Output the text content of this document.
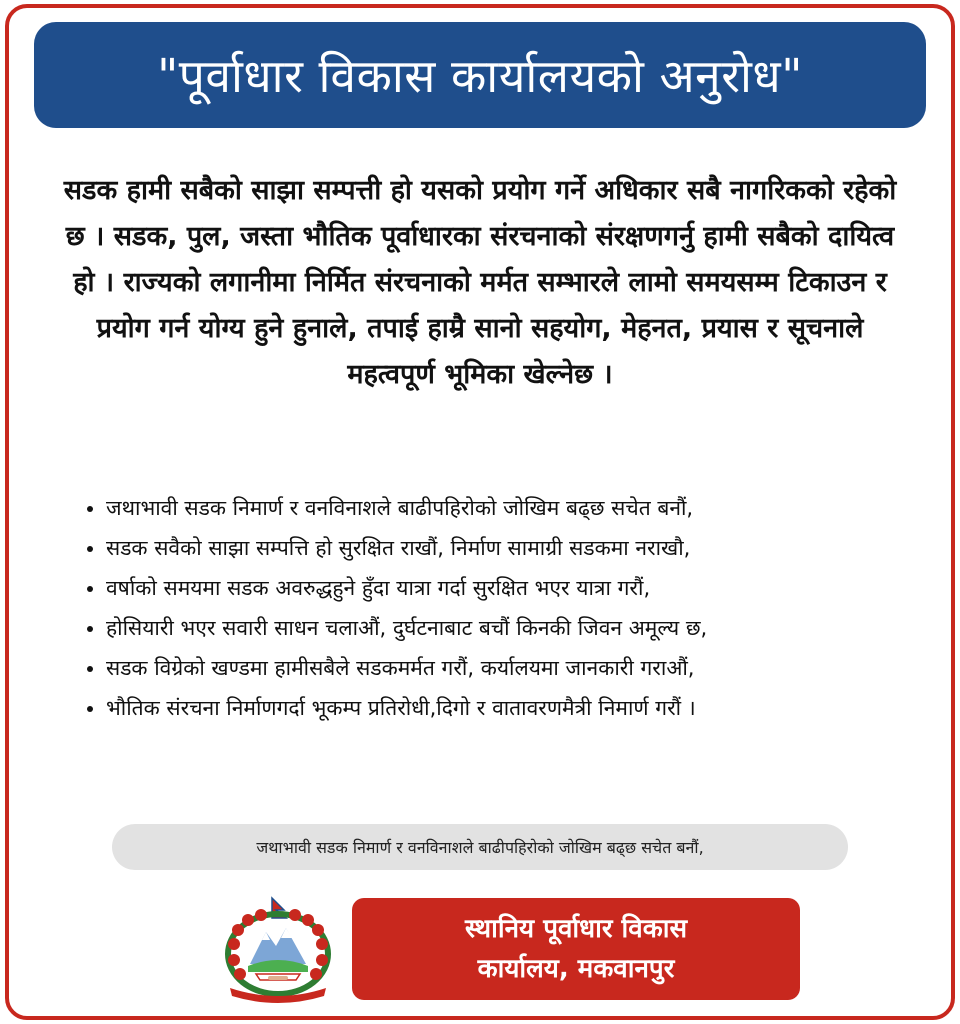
"पूर्वाधार विकास कार्यालयको अनुरोध"
सडक हामी सबैको साझा सम्पत्ती हो यसको प्रयोग गर्ने अधिकार सबै नागरिकको रहेको छ । सडक, पुल, जस्ता भौतिक पूर्वाधारका संरचनाको संरक्षणगर्नु हामी सबैको दायित्व हो । राज्यको लगानीमा निर्मित संरचनाको मर्मत सम्भारले लामो समयसम्म टिकाउन र प्रयोग गर्न योग्य हुने हुनाले, तपाई हाम्रै सानो सहयोग, मेहनत, प्रयास र सूचनाले महत्वपूर्ण भूमिका खेल्नेछ ।
• जथाभावी सडक निमार्ण र वनविनाशले बाढीपहिरोको जोखिम बढ्छ सचेत बनौं,
• सडक सवैको साझा सम्पत्ति हो सुरक्षित राखौं, निर्माण सामाग्री सडकमा नराखौ,
• वर्षाको समयमा सडक अवरुद्धहुने हुँदा यात्रा गर्दा सुरक्षित भएर यात्रा गरौं,
• होसियारी भएर सवारी साधन चलाऔं, दुर्घटनाबाट बचौं किनकी जिवन अमूल्य छ,
• सडक विग्रेको खण्डमा हामीसबैले सडकमर्मत गरौं, कर्यालयमा जानकारी गराऔं,
• भौतिक संरचना निर्माणगर्दा भूकम्प प्रतिरोधी,दिगो र वातावरणमैत्री निमार्ण गरौं ।
जथाभावी सडक निमार्ण र वनविनाशले बाढीपहिरोको जोखिम बढ्छ सचेत बनौं,
स्थानिय पूर्वाधार विकास
कार्यालय, मकवानपुर
